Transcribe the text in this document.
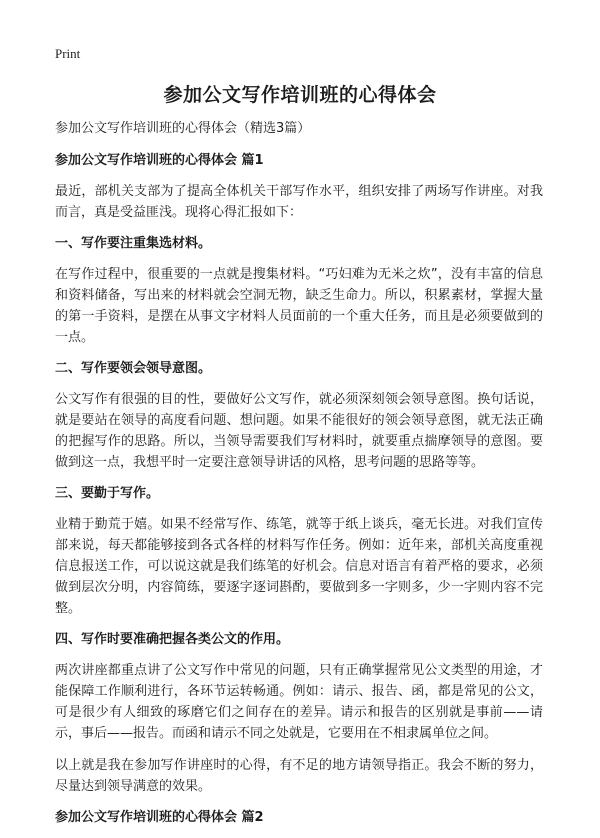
Print
参加公文写作培训班的心得体会

参加公文写作培训班的心得体会（精选3篇）

参加公文写作培训班的心得体会 篇1

最近，部机关支部为了提高全体机关干部写作水平，组织安排了两场写作讲座。对我而言，真是受益匪浅。现将心得汇报如下：

一、写作要注重集选材料。

在写作过程中，很重要的一点就是搜集材料。“巧妇难为无米之炊”，没有丰富的信息和资料储备，写出来的材料就会空洞无物，缺乏生命力。所以，积累素材，掌握大量的第一手资料，是摆在从事文字材料人员面前的一个重大任务，而且是必须要做到的一点。

二、写作要领会领导意图。

公文写作有很强的目的性，要做好公文写作，就必须深刻领会领导意图。换句话说，就是要站在领导的高度看问题、想问题。如果不能很好的领会领导意图，就无法正确的把握写作的思路。所以，当领导需要我们写材料时，就要重点揣摩领导的意图。要做到这一点，我想平时一定要注意领导讲话的风格，思考问题的思路等等。

三、要勤于写作。

业精于勤荒于嬉。如果不经常写作、练笔，就等于纸上谈兵，毫无长进。对我们宣传部来说，每天都能够接到各式各样的材料写作任务。例如：近年来，部机关高度重视信息报送工作，可以说这就是我们练笔的好机会。信息对语言有着严格的要求，必须做到层次分明，内容简练，要逐字逐词斟酌，要做到多一字则多，少一字则内容不完整。

四、写作时要准确把握各类公文的作用。

两次讲座都重点讲了公文写作中常见的问题，只有正确掌握常见公文类型的用途，才能保障工作顺利进行，各环节运转畅通。例如：请示、报告、函，都是常见的公文，可是很少有人细致的琢磨它们之间存在的差异。请示和报告的区别就是事前——请示，事后——报告。而函和请示不同之处就是，它要用在不相隶属单位之间。

以上就是我在参加写作讲座时的心得，有不足的地方请领导指正。我会不断的努力，尽量达到领导满意的效果。

参加公文写作培训班的心得体会 篇2
